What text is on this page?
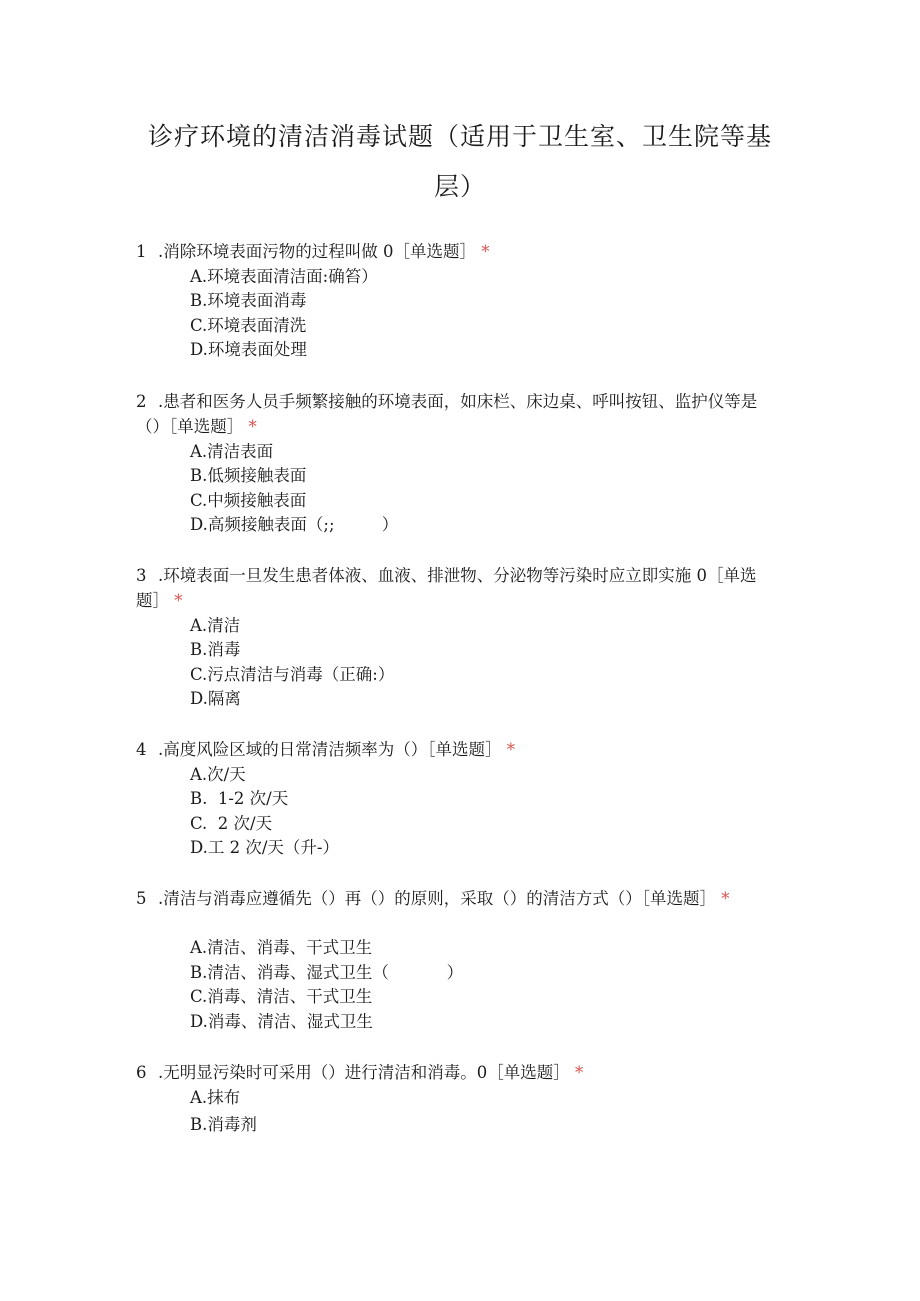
诊疗环境的清洁消毒试题（适用于卫生室、卫生院等基层）
1 .消除环境表面污物的过程叫做 0［单选题］ *
A.环境表面清洁面:确笞）
B.环境表面消毒
C.环境表面清洗
D.环境表面处理
2 .患者和医务人员手频繁接触的环境表面，如床栏、床边桌、呼叫按钮、监护仪等是（）［单选题］ *
A.清洁表面
B.低频接触表面
C.中频接触表面
D.高频接触表面（;;         ）
3 .环境表面一旦发生患者体液、血液、排泄物、分泌物等污染时应立即实施 0［单选题］ *
A.清洁
B.消毒
C.污点清洁与消毒（正确:）
D.隔离
4 .高度风险区域的日常清洁频率为（）［单选题］ *
A.次/天
B.  1-2 次/天
C.  2 次/天
D.工 2 次/天（升-）
5 .清洁与消毒应遵循先（）再（）的原则，采取（）的清洁方式（）［单选题］ *
A.清洁、消毒、干式卫生
B.清洁、消毒、湿式卫生（           ）
C.消毒、清洁、干式卫生
D.消毒、清洁、湿式卫生
6 .无明显污染时可采用（）进行清洁和消毒。0［单选题］ *
A.抹布
B.消毒剂
